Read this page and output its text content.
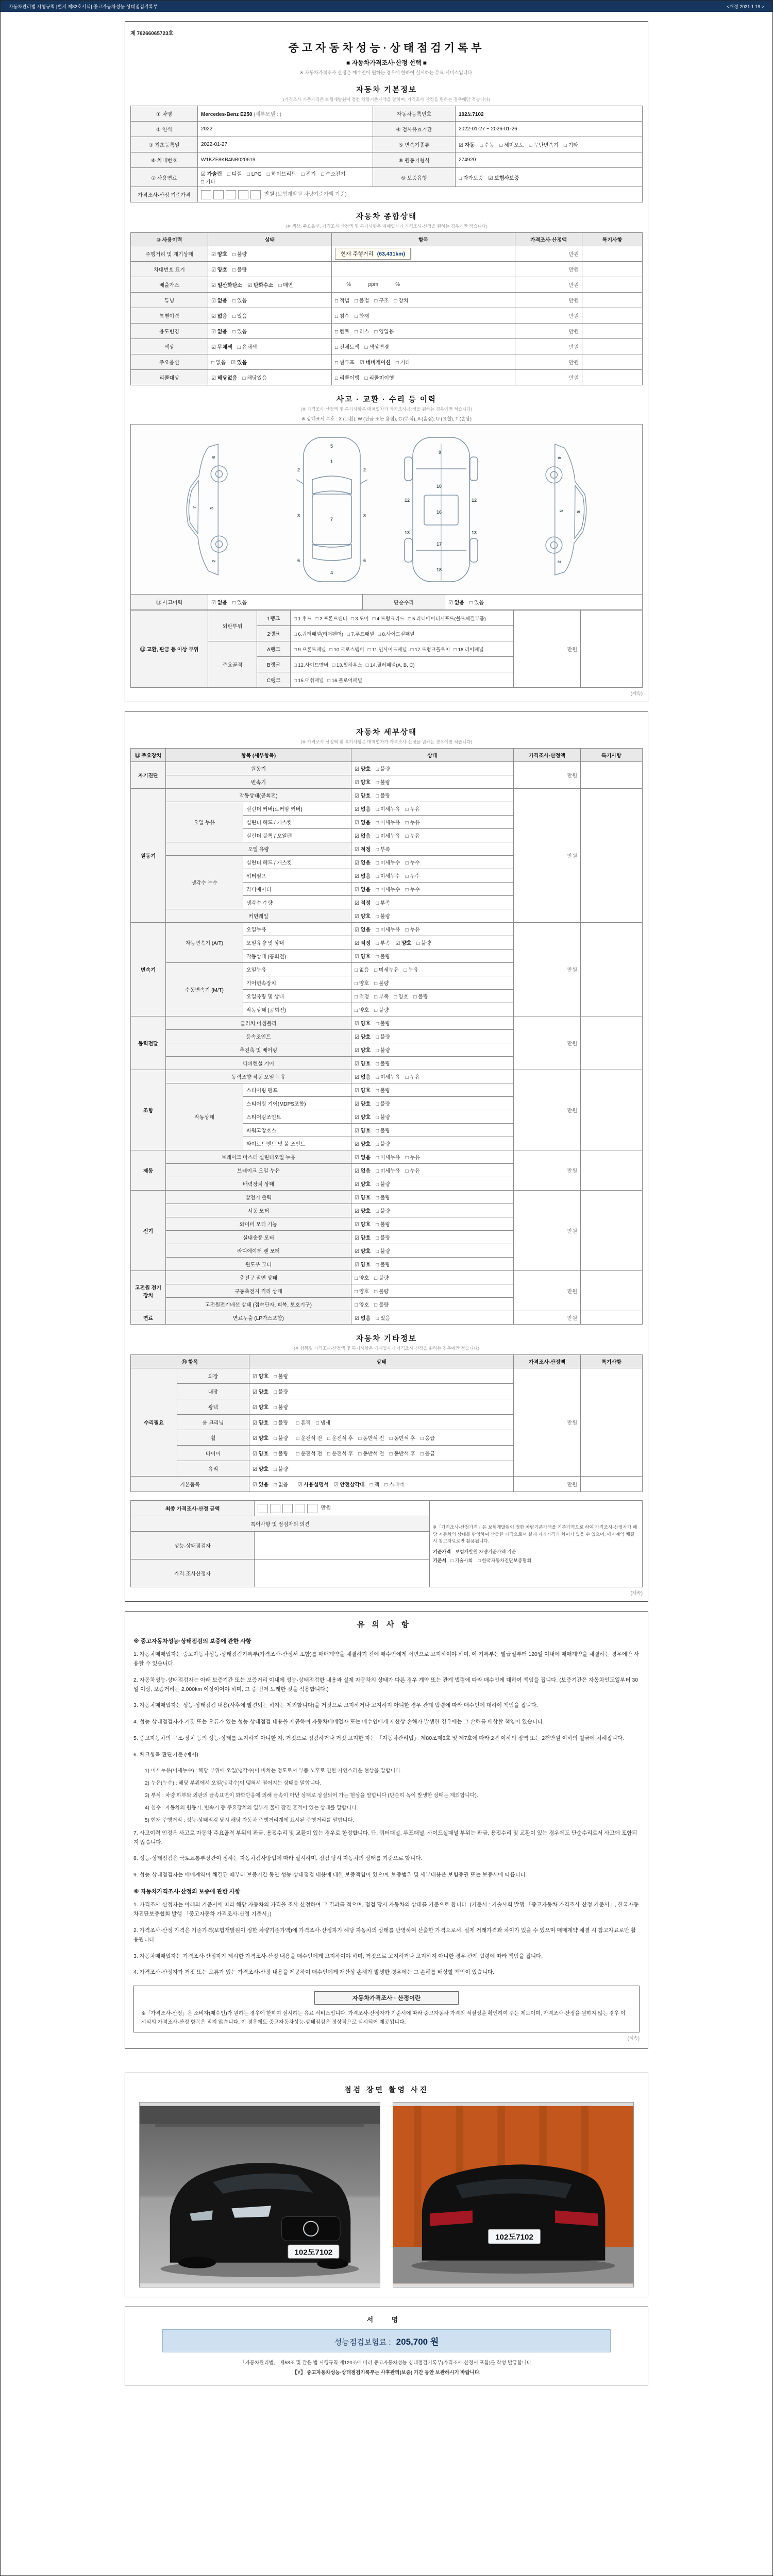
자동차관리법 시행규칙 [별지 제82호서식] 중고자동차성능·상태점검기록부	<개정 2021.1.19.>
제 76266065723호
중고자동차성능·상태점검기록부
■ 자동차가격조사·산정 선택 ■
※ 자동차가격조사·산정은 매수인이 원하는 경우에 한하여 실시하는 유료 서비스입니다.
자동차 기본정보
(가격조사 기준가격은 보험개발원이 정한 차량기준가액을 말하며, 가격조사·산정을 원하는 경우에만 적습니다)
① 차명	Mercedes-Benz E250 (세부모델 : )	자동차등록번호	102도7102
② 연식	2022	④ 검사유효기간	2022-01-27 ~ 2026-01-26
③ 최초등록일	2022-01-27	⑤ 변속기종류	☑ 자동 □ 수동 □ 세미오토 □ 무단변속기 □ 기타
⑥ 차대번호	W1KZF8KB4NB020619	⑧ 원동기형식	274920
⑦ 사용연료	☑ 가솔린 □ 디젤 □ LPG □ 하이브리드 □ 전기 □ 수소전기□ 기타	⑨ 보증유형	□ 자가보증 ☑ 보험사보증
가격조사·산정 기준가격	만원 (보험개발원 차량기준가액 기준)		
자동차 종합상태
(※ 색상, 주요옵션, 가격조사·산정액 및 특기사항은 매매업자가 가격조사·산정을 원하는 경우에만 적습니다)
⑩ 사용이력	상태	항목	가격조사·산정액	특기사항
주행거리 및 계기상태	☑ 양호 □ 불량	현재 주행거리 (63,431km)	만원	
차대번호 표기	☑ 양호 □ 불량		만원	
배출가스	☑ 일산화탄소 ☑ 탄화수소 □ 매연	%            ppm            %	만원	
튜닝	☑ 없음 □ 있음	□ 적법 □ 불법 □ 구조 □ 장치	만원	
특별이력	☑ 없음 □ 있음	□ 침수 □ 화재	만원	
용도변경	☑ 없음 □ 있음	□ 렌트 □ 리스 □ 영업용	만원	
색상	☑ 무채색 □ 유채색	□ 전체도색 □ 색상변경	만원	
주요옵션	□ 없음 ☑ 있음	□ 썬루프 ☑ 네비게이션 □ 기타	만원	
리콜대상	☑ 해당없음 □ 해당있음	□ 리콜이행 □ 리콜미이행	만원	
사고 · 교환 · 수리 등 이력
(※ 가격조사·산정액 및 특기사항은 매매업자가 가격조사·산정을 원하는 경우에만 적습니다)
※ 상태표시 부호 : X (교환), W (판금 또는 용접), C (부식), A (흠집), U (요철), T (손상)
2
3
6
7
5
1
2	2
3	3
7
6	6
4
9
10
12	12
16
13	13
17
18
6
3
2
8
⑪ 사고이력	☑ 없음 □ 있음	단순수리	☑ 없음 □ 있음
⑫ 교환, 판금 등 이상 부위	외판부위	1랭크	□ 1.후드 □ 2.프론트펜더 □ 3.도어 □ 4.트렁크리드 □ 5.라디에이터서포트(볼트체결부품)	만원	
		2랭크	□ 6.쿼터패널(리어펜더) □ 7.루프패널 □ 8.사이드실패널		
	주요골격	A랭크	□ 9.프론트패널 □ 10.크로스멤버 □ 11.인사이드패널 □ 17.트렁크플로어 □ 18.리어패널		
		B랭크	□ 12.사이드멤버 □ 13.휠하우스 □ 14.필러패널(A, B, C)		
		C랭크	□ 15.대쉬패널 □ 16.플로어패널		
(계속)
자동차 세부상태
(※ 가격조사·산정액 및 특기사항은 매매업자가 가격조사·산정을 원하는 경우에만 적습니다)
⑬ 주요장치	항목 (세부항목)		상태	가격조사·산정액	특기사항
자기진단	원동기		☑ 양호 □ 불량	만원	
	변속기		☑ 양호 □ 불량		
원동기	작동상태(공회전)		☑ 양호 □ 불량	만원	
	오일 누유	실린더 커버(로커암 커버)	☑ 없음 □ 미세누유 □ 누유		
		실린더 헤드 / 개스킷	☑ 없음 □ 미세누유 □ 누유		
		실린더 블록 / 오일팬	☑ 없음 □ 미세누유 □ 누유		
	오일 유량		☑ 적정 □ 부족		
	냉각수 누수	실린더 헤드 / 개스킷	☑ 없음 □ 미세누수 □ 누수		
		워터펌프	☑ 없음 □ 미세누수 □ 누수		
		라디에이터	☑ 없음 □ 미세누수 □ 누수		
		냉각수 수량	☑ 적정 □ 부족		
	커먼레일		☑ 양호 □ 불량		
변속기	자동변속기 (A/T)	오일누유	☑ 없음 □ 미세누유 □ 누유	만원	
		오일유량 및 상태	☑ 적정 □ 부족 ☑ 양호 □ 불량		
		작동상태 (공회전)	☑ 양호 □ 불량		
	수동변속기 (M/T)	오일누유	□ 없음 □ 미세누유 □ 누유		
		기어변속장치	□ 양호 □ 불량		
		오일유량 및 상태	□ 적정 □ 부족 □ 양호 □ 불량		
		작동상태 (공회전)	□ 양호 □ 불량		
동력전달	클러치 어셈블리		☑ 양호 □ 불량	만원	
	등속조인트		☑ 양호 □ 불량		
	추진축 및 베어링		☑ 양호 □ 불량		
	디퍼렌셜 기어		☑ 양호 □ 불량		
조향	동력조향 작동 오일 누유		☑ 없음 □ 미세누유 □ 누유	만원	
	작동상태	스티어링 펌프	☑ 양호 □ 불량		
		스티어링 기어(MDPS포함)	☑ 양호 □ 불량		
		스티어링조인트	☑ 양호 □ 불량		
		파워고압호스	☑ 양호 □ 불량		
		타이로드엔드 및 볼 조인트	☑ 양호 □ 불량		
제동	브레이크 마스터 실린더오일 누유		☑ 없음 □ 미세누유 □ 누유	만원	
	브레이크 오일 누유		☑ 없음 □ 미세누유 □ 누유		
	배력장치 상태		☑ 양호 □ 불량		
전기	발전기 출력		☑ 양호 □ 불량	만원	
	시동 모터		☑ 양호 □ 불량		
	와이퍼 모터 기능		☑ 양호 □ 불량		
	실내송풍 모터		☑ 양호 □ 불량		
	라디에이터 팬 모터		☑ 양호 □ 불량		
	윈도우 모터		☑ 양호 □ 불량		
고전원 전기장치	충전구 절연 상태		□ 양호 □ 불량	만원	
	구동축전지 격리 상태		□ 양호 □ 불량		
	고전원전기배선 상태 (접속단자, 피복, 보호기구)		□ 양호 □ 불량		
연료	연료누출 (LP가스포함)		☑ 없음 □ 있음	만원	
자동차 기타정보
(※ 항목별 가격조사·산정액 및 특기사항은 매매업자가 가격조사·산정을 원하는 경우에만 적습니다)
⑭ 항목		상태	가격조사·산정액	특기사항
수리필요	외장	☑ 양호 □ 불량	만원	
	내장	☑ 양호 □ 불량		
	광택	☑ 양호 □ 불량		
	룸 크리닝	☑ 양호 □ 불량 □ 흔적 □ 냄새		
	휠	☑ 양호 □ 불량 □ 운전석 전 □ 운전석 후 □ 동반석 전 □ 동반석 후 □ 응급		
	타이어	☑ 양호 □ 불량 □ 운전석 전 □ 운전석 후 □ 동반석 전 □ 동반석 후 □ 응급		
	유리	☑ 양호 □ 불량		
기본품목		☑ 있음 □ 없음 ☑ 사용설명서 ☑ 안전삼각대 □ 잭 □ 스패너	만원	
최종 가격조사·산정 금액	만원	※「가격조사·산정가격」은 보험개발원이 정한 차량기준가액을 기준가격으로 하여 가격조사·산정자가 해당 자동차의 상태를 반영하여 산출한 가격으로서 실제 거래가격과 차이가 있을 수 있으며, 매매계약 체결 시 참고자료로만 활용됩니다.
기준가격 보험개발원 차량기준가액 기준
기준서 □ 기술사회 □ 한국자동차진단보증협회

특이사항 및 점검자의 의견		
성능·상태점검자		
가격·조사산정자		
(계속)
유의사항
※ 중고자동차성능·상태점검의 보증에 관한 사항
1. 자동차매매업자는 중고자동차성능·상태점검기록부(가격조사·산정서 포함)를 매매계약을 체결하기 전에 매수인에게 서면으로 고지하여야 하며, 이 기록부는 발급일부터 120일 이내에 매매계약을 체결하는 경우에만 사용할 수 있습니다.
2. 자동차성능·상태점검자는 아래 보증기간 또는 보증거리 이내에 성능·상태점검한 내용과 실제 자동차의 상태가 다른 경우 계약 또는 관계 법령에 따라 매수인에 대하여 책임을 집니다. (보증기간은 자동차인도일부터 30일 이상, 보증거리는 2,000km 이상이어야 하며, 그 중 먼저 도래한 것을 적용합니다.)
3. 자동차매매업자는 성능·상태점검 내용(사후에 발견되는 하자는 제외합니다)을 거짓으로 고지하거나 고지하지 아니한 경우 관계 법령에 따라 매수인에 대하여 책임을 집니다.
4. 성능·상태점검자가 거짓 또는 오류가 있는 성능·상태점검 내용을 제공하여 자동차매매업자 또는 매수인에게 재산상 손해가 발생한 경우에는 그 손해를 배상할 책임이 있습니다.
5. 중고자동차의 구조·장치 등의 성능·상태를 고지하지 아니한 자, 거짓으로 점검하거나 거짓 고지한 자는 「자동차관리법」 제80조제6호 및 제7호에 따라 2년 이하의 징역 또는 2천만원 이하의 벌금에 처해집니다.
6. 체크항목 판단기준 (예시)
1) 미세누유(미세누수) : 해당 부위에 오일(냉각수)이 비치는 정도로서 부품 노후로 인한 자연스러운 현상을 말합니다.
2) 누유(누수) : 해당 부위에서 오일(냉각수)이 맺혀서 떨어지는 상태를 말합니다.
3) 부식 : 차량 하부와 외판의 금속표면이 화학반응에 의해 금속이 아닌 상태로 상실되어 가는 현상을 말합니다 (단순히 녹이 발생한 상태는 제외합니다).
4) 침수 : 자동차의 원동기, 변속기 등 주요장치의 일부가 물에 잠긴 흔적이 있는 상태를 말합니다.
5) 현재 주행거리 : 성능·상태점검 당시 해당 자동차 주행거리계에 표시된 주행거리를 말합니다.
7. 사고이력 인정은 사고로 자동차 주요골격 부위의 판금, 용접수리 및 교환이 있는 경우로 한정합니다. 단, 쿼터패널, 루프패널, 사이드실패널 부위는 판금, 용접수리 및 교환이 있는 경우에도 단순수리로서 사고에 포함되지 않습니다.
8. 성능·상태점검은 국토교통부장관이 정하는 자동차검사방법에 따라 실시하며, 점검 당시 자동차의 상태를 기준으로 합니다.
9. 성능·상태점검자는 매매계약이 체결된 때부터 보증기간 동안 성능·상태점검 내용에 대한 보증책임이 있으며, 보증범위 및 세부내용은 보험증권 또는 보증서에 따릅니다.
※ 자동차가격조사·산정의 보증에 관한 사항
1. 가격조사·산정자는 아래의 기준서에 따라 해당 자동차의 가격을 조사·산정하여 그 결과를 적으며, 점검 당시 자동차의 상태를 기준으로 합니다. (기준서 : 기술사회 발행 「중고자동차 가격조사·산정 기준서」, 한국자동차진단보증협회 발행 「중고자동차 가격조사·산정 기준서」)
2. 가격조사·산정 가격은 기준가격(보험개발원이 정한 차량기준가액)에 가격조사·산정자가 해당 자동차의 상태를 반영하여 산출한 가격으로서, 실제 거래가격과 차이가 있을 수 있으며 매매계약 체결 시 참고자료로만 활용됩니다.
3. 자동차매매업자는 가격조사·산정자가 제시한 가격조사·산정 내용을 매수인에게 고지하여야 하며, 거짓으로 고지하거나 고지하지 아니한 경우 관계 법령에 따라 책임을 집니다.
4. 가격조사·산정자가 거짓 또는 오류가 있는 가격조사·산정 내용을 제공하여 매수인에게 재산상 손해가 발생한 경우에는 그 손해를 배상할 책임이 있습니다.
자동차가격조사 · 산정이란
※「가격조사·산정」은 소비자(매수인)가 원하는 경우에 한하여 실시하는 유료 서비스입니다. 가격조사·산정자가 기준서에 따라 중고자동차 가격의 적절성을 확인하여 주는 제도이며, 가격조사·산정을 원하지 않는 경우 이 서식의 가격조사·산정 항목은 적지 않습니다. 이 경우에도 중고자동차성능·상태점검은 정상적으로 실시되어 제공됩니다.
(계속)
점검 장면 촬영 사진
102도7102
102도7102
서 명
성능점검보험료 : 205,700 원
「자동차관리법」 제58조 및 같은 법 시행규칙 제120조에 따라 중고자동차성능·상태점검기록부(가격조사·산정서 포함)를 작성·발급합니다.
【Y】 중고자동차성능·상태점검기록부는 사후관리(보증) 기간 동안 보관하시기 바랍니다.
